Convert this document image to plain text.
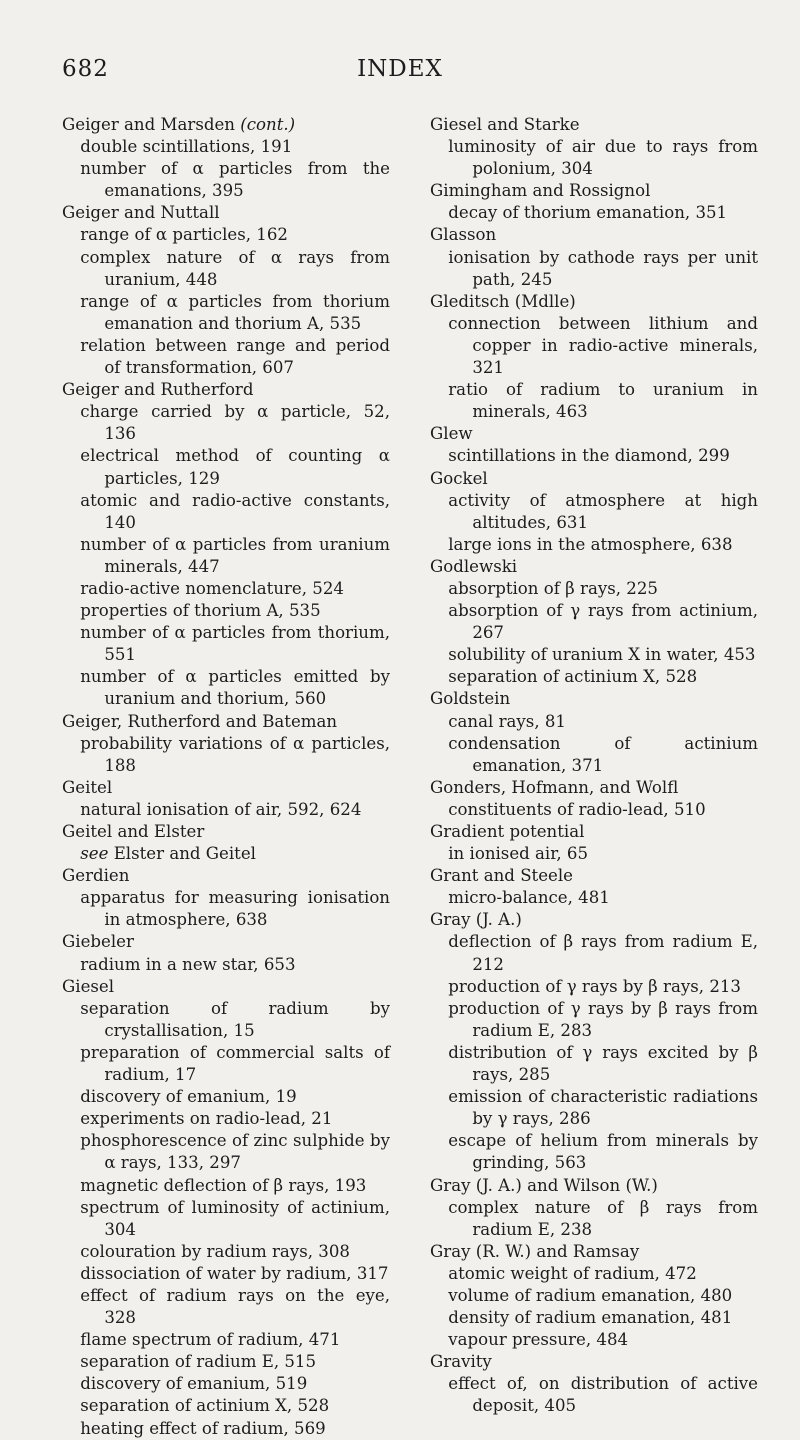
682	INDEX

Geiger and Marsden (cont.)

double scintillations, 191

number of α particles from the emanations, 395

Geiger and Nuttall

range of α particles, 162

complex nature of α rays from uranium, 448

range of α particles from thorium emanation and thorium A, 535

relation between range and period of transformation, 607

Geiger and Rutherford

charge carried by α particle, 52, 136

electrical method of counting α particles, 129

atomic and radio-active constants, 140

number of α particles from uranium minerals, 447

radio-active nomenclature, 524

properties of thorium A, 535

number of α particles from thorium, 551

number of α particles emitted by uranium and thorium, 560

Geiger, Rutherford and Bateman

probability variations of α particles, 188

Geitel

natural ionisation of air, 592, 624

Geitel and Elster

see Elster and Geitel

Gerdien

apparatus for measuring ionisation in atmosphere, 638

Giebeler

radium in a new star, 653

Giesel

separation of radium by crystallisation, 15

preparation of commercial salts of radium, 17

discovery of emanium, 19

experiments on radio-lead, 21

phosphorescence of zinc sulphide by α rays, 133, 297

magnetic deflection of β rays, 193

spectrum of luminosity of actinium, 304

colouration by radium rays, 308

dissociation of water by radium, 317

effect of radium rays on the eye, 328

flame spectrum of radium, 471

separation of radium E, 515

discovery of emanium, 519

separation of actinium X, 528

heating effect of radium, 569

Giesel and Starke

luminosity of air due to rays from polonium, 304

Gimingham and Rossignol

decay of thorium emanation, 351

Glasson

ionisation by cathode rays per unit path, 245

Gleditsch (Mdlle)

connection between lithium and copper in radio-active minerals, 321

ratio of radium to uranium in minerals, 463

Glew

scintillations in the diamond, 299

Gockel

activity of atmosphere at high altitudes, 631

large ions in the atmosphere, 638

Godlewski

absorption of β rays, 225

absorption of γ rays from actinium, 267

solubility of uranium X in water, 453

separation of actinium X, 528

Goldstein

canal rays, 81

condensation of actinium emanation, 371

Gonders, Hofmann, and Wolfl

constituents of radio-lead, 510

Gradient potential

in ionised air, 65

Grant and Steele

micro-balance, 481

Gray (J. A.)

deflection of β rays from radium E, 212

production of γ rays by β rays, 213

production of γ rays by β rays from radium E, 283

distribution of γ rays excited by β rays, 285

emission of characteristic radiations by γ rays, 286

escape of helium from minerals by grinding, 563

Gray (J. A.) and Wilson (W.)

complex nature of β rays from radium E, 238

Gray (R. W.) and Ramsay

atomic weight of radium, 472

volume of radium emanation, 480

density of radium emanation, 481

vapour pressure, 484

Gravity

effect of, on distribution of active deposit, 405
